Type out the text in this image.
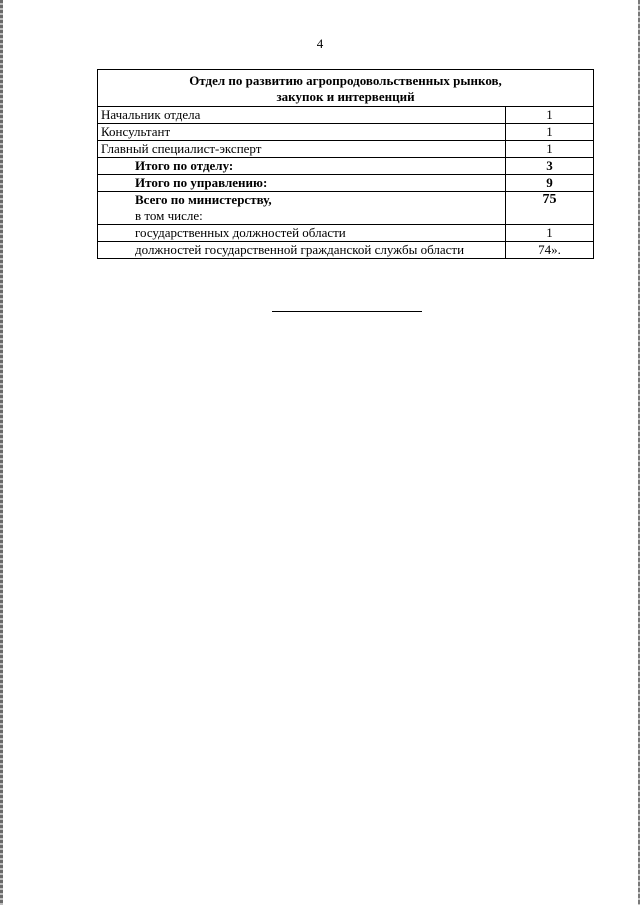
4
Отдел по развитию агропродовольственных рынков,
закупок и интервенций	
Начальник отдела	1
Консультант	1
Главный специалист-эксперт	1
Итого по отделу:	3
Итого по управлению:	9
Всего по министерству,
в том числе:	75
государственных должностей области	1
должностей государственной гражданской службы области	74».
